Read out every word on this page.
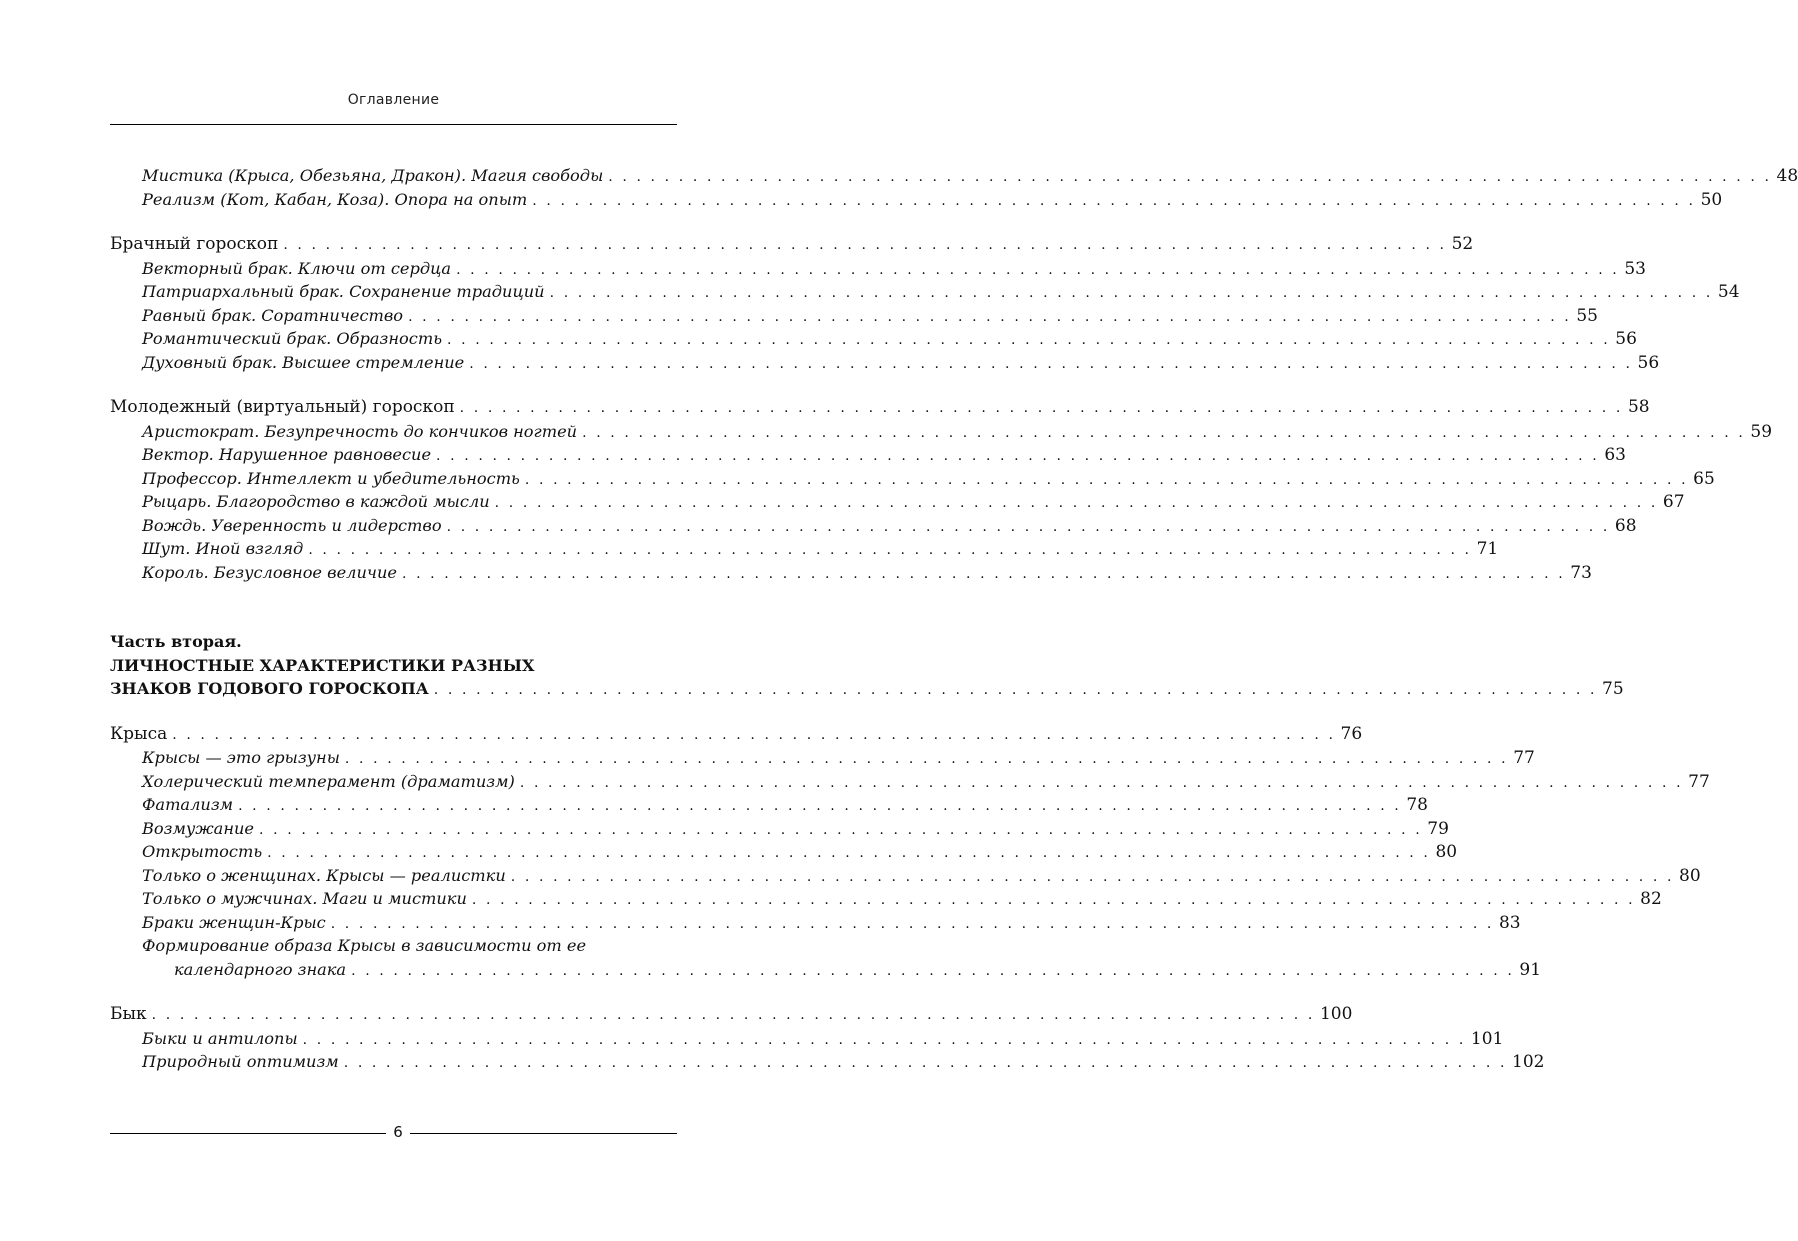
Оглавление
Мистика (Крыса, Обезьяна, Дракон). Магия свободы . . .	48
Реализм (Кот, Кабан, Коза). Опора на опыт . . .	50
Брачный гороскоп . . .	52
Векторный брак. Ключи от сердца . . .	53
Патриархальный брак. Сохранение традиций . . .	54
Равный брак. Соратничество . . .	55
Романтический брак. Образность . . .	56
Духовный брак. Высшее стремление . . .	56
Молодежный (виртуальный) гороскоп . . .	58
Аристократ. Безупречность до кончиков ногтей . . .	59
Вектор. Нарушенное равновесие . . .	63
Профессор. Интеллект и убедительность . . .	65
Рыцарь. Благородство в каждой мысли . . .	67
Вождь. Уверенность и лидерство . . .	68
Шут. Иной взгляд . . .	71
Король. Безусловное величие . . .	73
Часть вторая.
ЛИЧНОСТНЫЕ ХАРАКТЕРИСТИКИ РАЗНЫХ
ЗНАКОВ ГОДОВОГО ГОРОСКОПА . . .	75
Крыса . . .	76
Крысы — это грызуны . . .	77
Холерический темперамент (драматизм) . . .	77
Фатализм . . .	78
Возмужание . . .	79
Открытость . . .	80
Только о женщинах. Крысы — реалистки . . .	80
Только о мужчинах. Маги и мистики . . .	82
Браки женщин-Крыс . . .	83
Формирование образа Крысы в зависимости от ее
календарного знака . . .	91
Бык . . .	100
Быки и антилопы . . .	101
Природный оптимизм . . .	102
6
